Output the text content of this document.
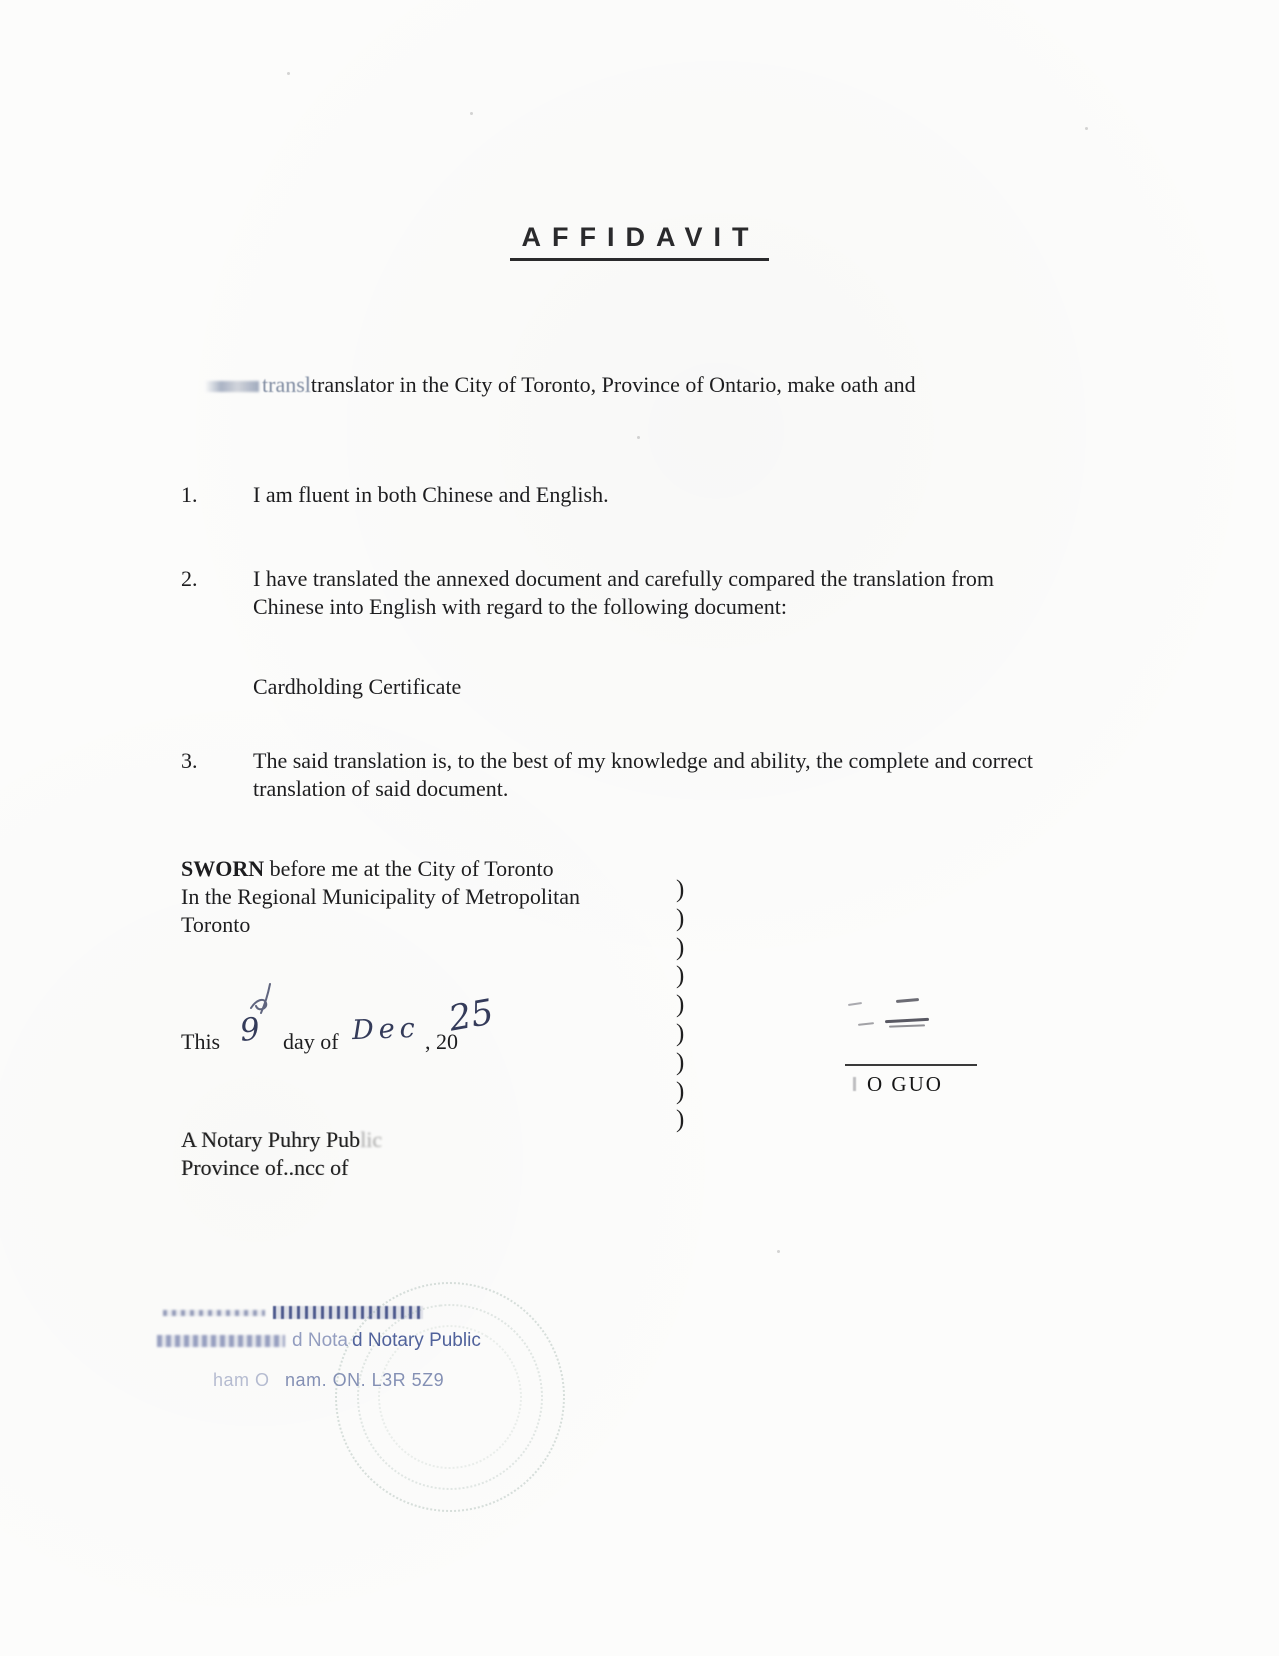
AFFIDAVIT
transltranslator in the City of Toronto, Province of Ontario, make oath and
1.	I am fluent in both Chinese and English.
2.	I have translated the annexed document and carefully compared the translation from Chinese into English with regard to the following document:
Cardholding Certificate
3.	The said translation is, to the best of my knowledge and ability, the complete and correct translation of said document.
SWORN before me at the City of Toronto
In the Regional Municipality of Metropolitan
Toronto
)
)
)
)
)
)
)
)
)
This 9 day of Dec , 20
25
O GUO
A Notary Puhry Public
Province of..ncc of
d Nota d Notary Public
ham O nam. ON. L3R 5Z9
